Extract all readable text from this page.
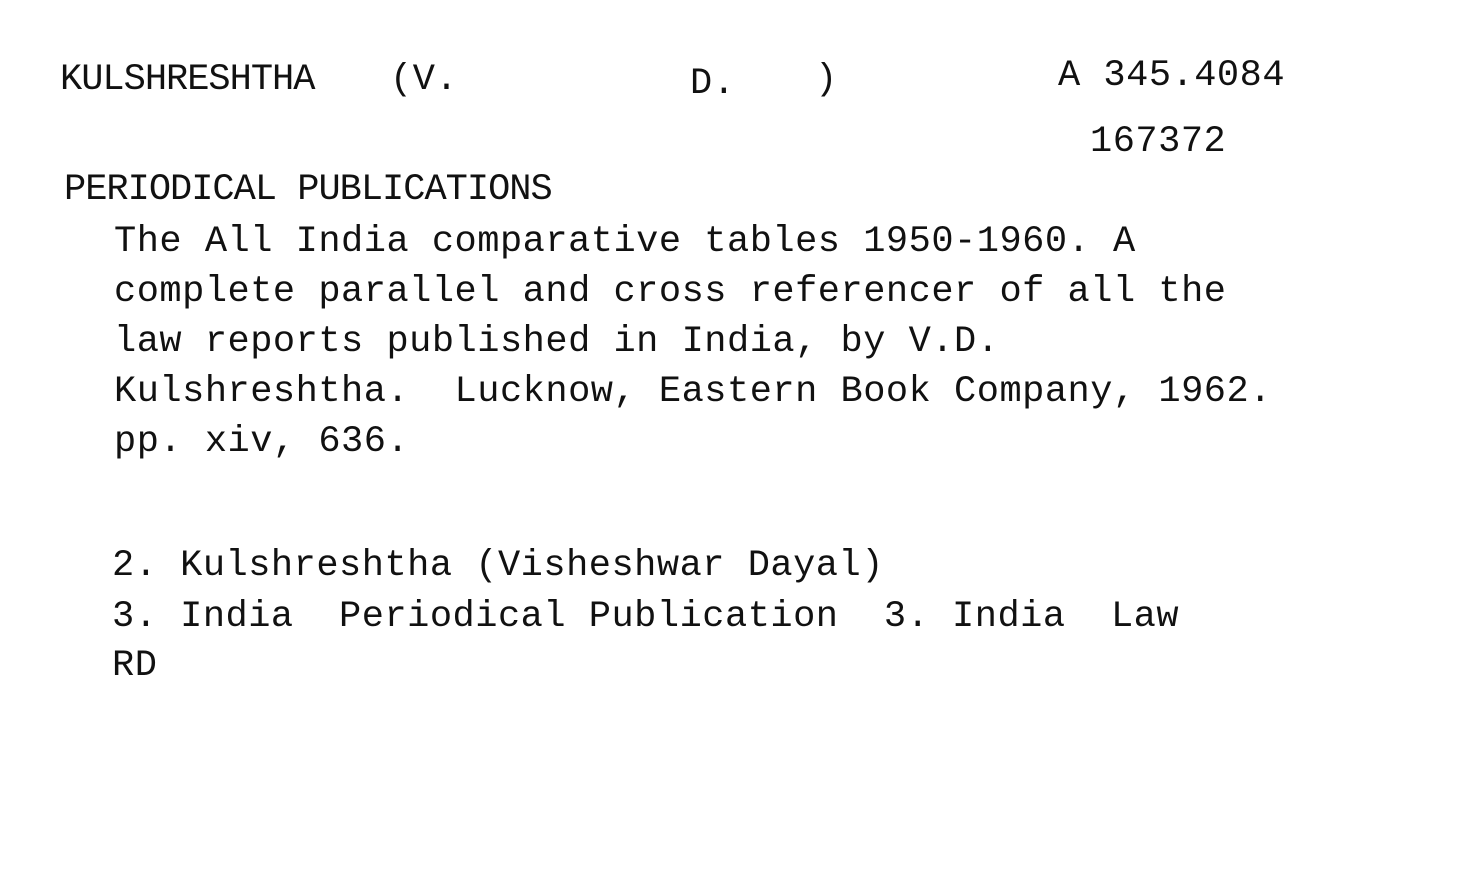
KULSHRESHTHA (V.	D. )	A 345.4084
167372
PERIODICAL PUBLICATIONS
The All India comparative tables 1950-1960. A
complete parallel and cross referencer of all the
law reports published in India, by V.D.
Kulshreshtha.  Lucknow, Eastern Book Company, 1962.
pp. xiv, 636.
2. Kulshreshtha (Visheshwar Dayal)
3. India  Periodical Publication  3. India  Law
RD
